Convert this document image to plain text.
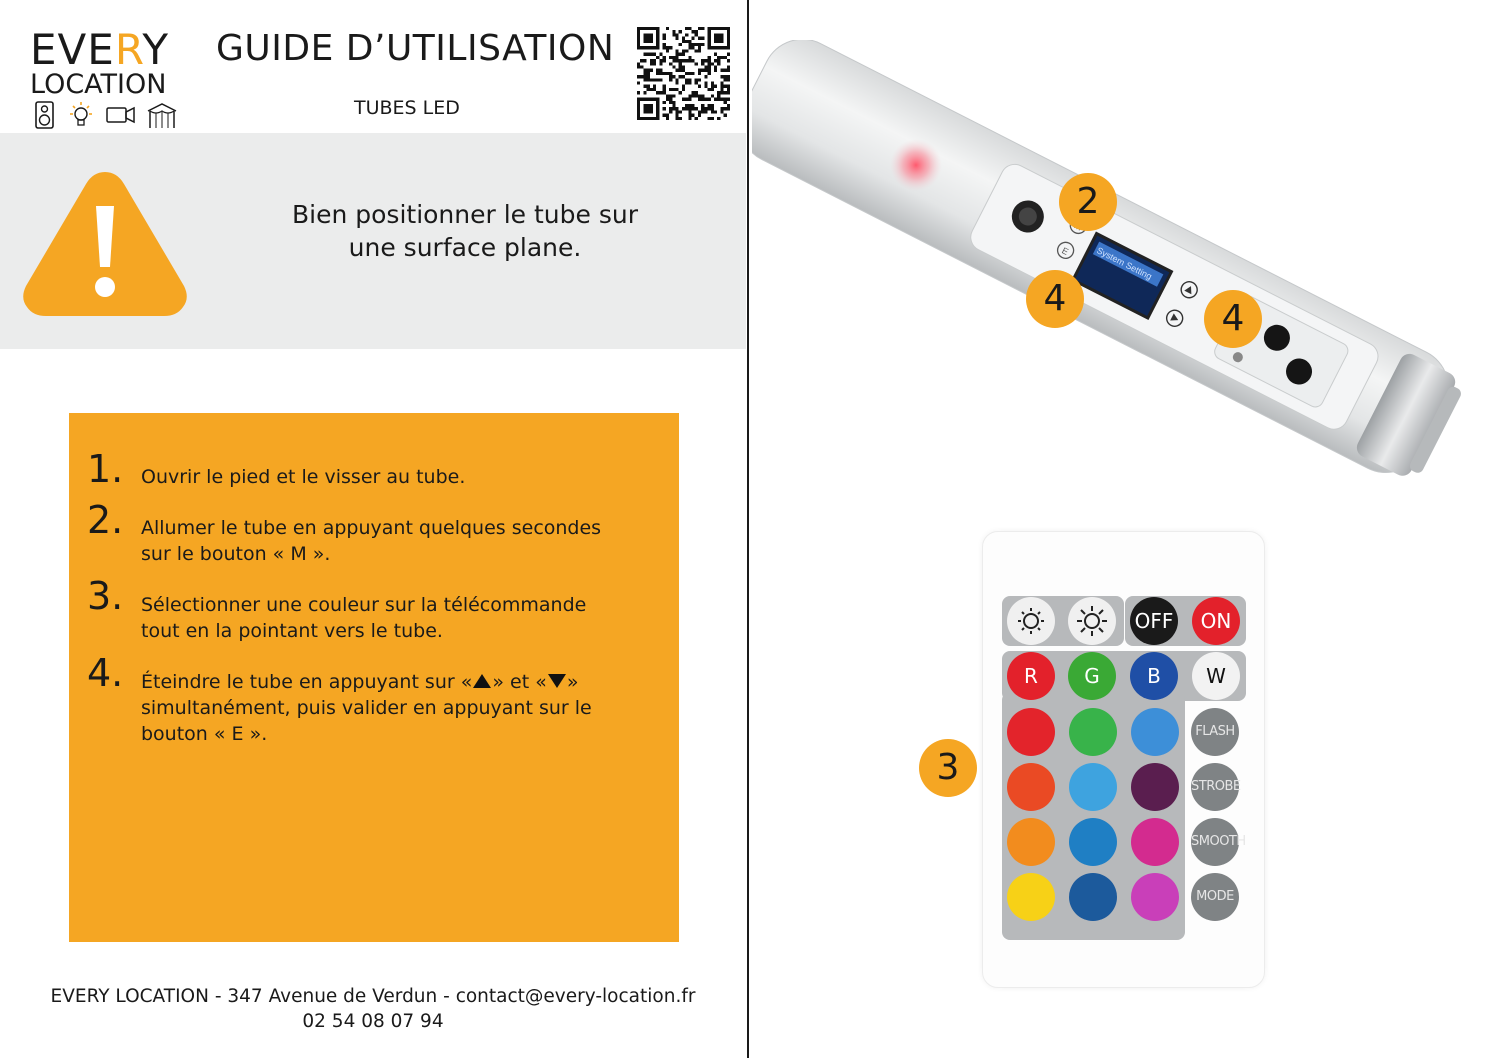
EVERY
LOCATION
GUIDE D’UTILISATION
TUBES LED
Bien positionner le tube sur
une surface plane.
1. Ouvrir le pied et le visser au tube.
2. Allumer le tube en appuyant quelques secondes
sur le bouton « M ».
3. Sélectionner une couleur sur la télécommande
tout en la pointant vers le tube.
4. Éteindre le tube en appuyant sur « » et « »
simultanément, puis valider en appuyant sur le
bouton « E ».
EVERY LOCATION - 347 Avenue de Verdun - contact@every-location.fr
02 54 08 07 94
System Setting
E
2
4	4
OFF	ON
R	G	B	W
FLASH
STROBE
SMOOTH
MODE
3
